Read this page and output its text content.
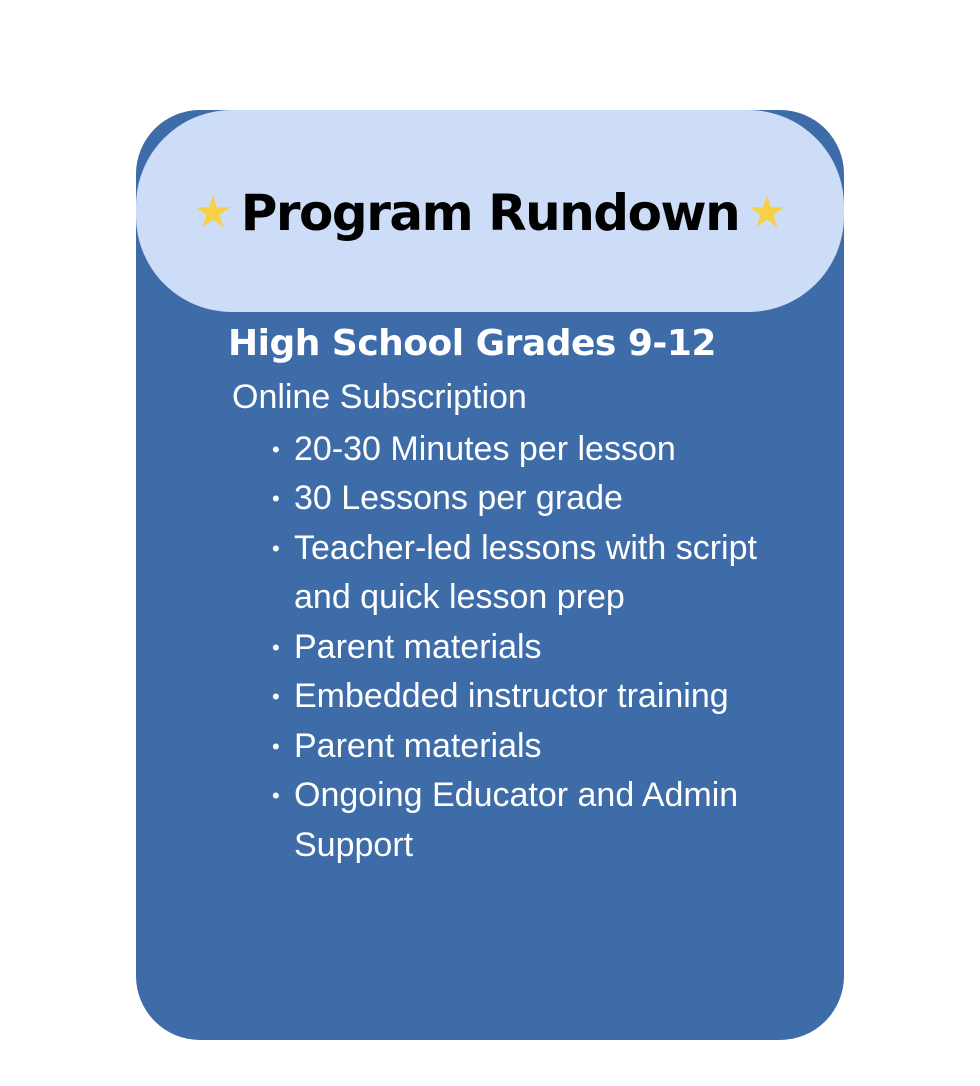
★ Program Rundown ★
High School Grades 9-12
Online Subscription
• 20-30 Minutes per lesson
• 30 Lessons per grade
• Teacher-led lessons with script and quick lesson prep
• Parent materials
• Embedded instructor training
• Parent materials
• Ongoing Educator and Admin Support
